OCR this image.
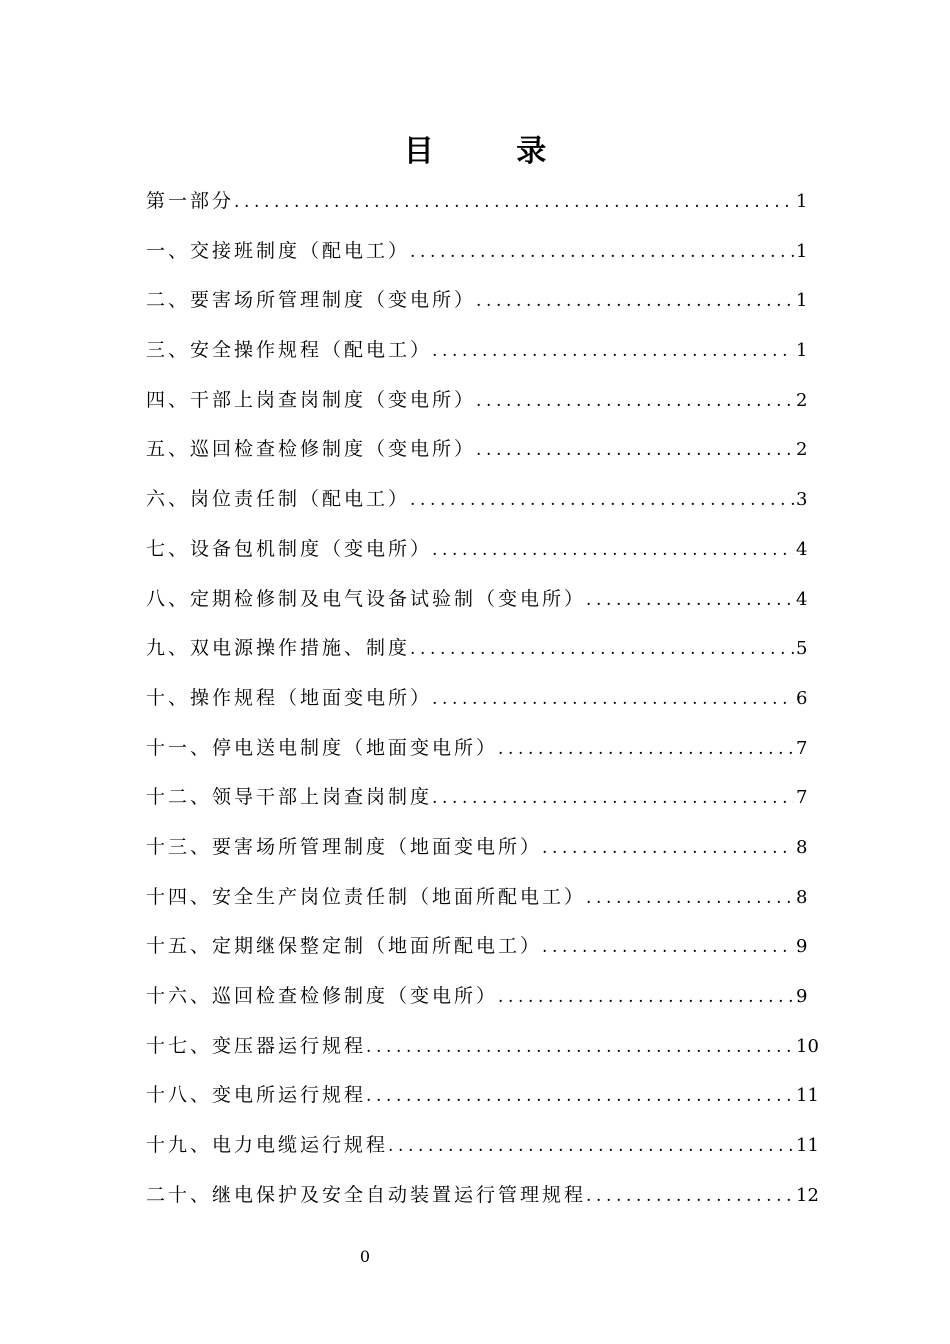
目 录
第一部分 .....	1
一、交接班制度（配电工） .....	1
二、要害场所管理制度（变电所） .....	1
三、安全操作规程（配电工） .....	1
四、干部上岗查岗制度（变电所） .....	2
五、巡回检查检修制度（变电所） .....	2
六、岗位责任制（配电工） .....	3
七、设备包机制度（变电所） .....	4
八、定期检修制及电气设备试验制（变电所） .....	4
九、双电源操作措施、制度 .....	5
十、操作规程（地面变电所） .....	6
十一、停电送电制度（地面变电所） .....	7
十二、领导干部上岗查岗制度 .....	7
十三、要害场所管理制度（地面变电所） .....	8
十四、安全生产岗位责任制（地面所配电工） .....	8
十五、定期继保整定制（地面所配电工） .....	9
十六、巡回检查检修制度（变电所） .....	9
十七、变压器运行规程 .....	10
十八、变电所运行规程 .....	11
十九、电力电缆运行规程 .....	11
二十、继电保护及安全自动装置运行管理规程 .....	12
0
